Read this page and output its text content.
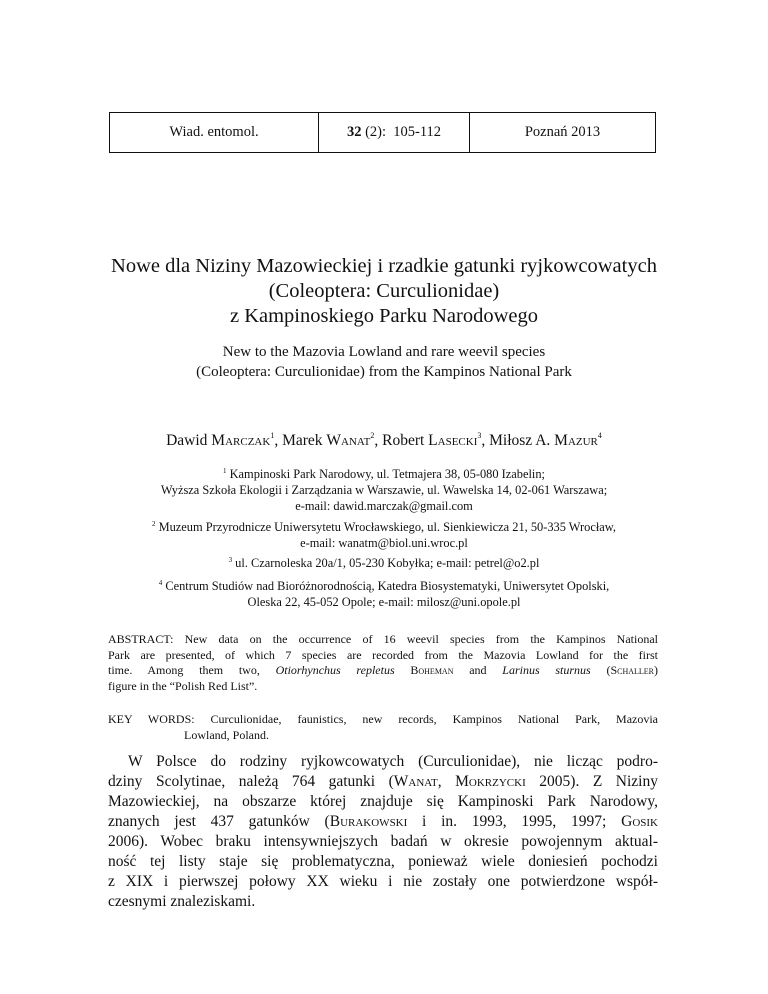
Wiad. entomol.	32 (2):  105-112	Poznań 2013
Nowe dla Niziny Mazowieckiej i rzadkie gatunki ryjkowcowatych
(Coleoptera: Curculionidae)
z Kampinoskiego Parku Narodowego
New to the Mazovia Lowland and rare weevil species
(Coleoptera: Curculionidae) from the Kampinos National Park
Dawid Marczak$^1$, Marek Wanat$^2$, Robert Lasecki$^3$, Miłosz A. Mazur$^4$
$^1$ Kampinoski Park Narodowy, ul. Tetmajera 38, 05-080 Izabelin;
Wyższa Szkoła Ekologii i Zarządzania w Warszawie, ul. Wawelska 14, 02-061 Warszawa;
e-mail: dawid.marczak@gmail.com
$^2$ Muzeum Przyrodnicze Uniwersytetu Wrocławskiego, ul. Sienkiewicza 21, 50-335 Wrocław,
e-mail: wanatm@biol.uni.wroc.pl
$^3$ ul. Czarnoleska 20a/1, 05-230 Kobyłka; e-mail: petrel@o2.pl
$^4$ Centrum Studiów nad Bioróżnorodnością, Katedra Biosystematyki, Uniwersytet Opolski,
Oleska 22, 45-052 Opole; e-mail: milosz@uni.opole.pl
ABSTRACT: New data on the occurrence of 16 weevil species from the Kampinos National
Park are presented, of which 7 species are recorded from the Mazovia Lowland for the first
time. Among them two, Otiorhynchus repletus Boheman and Larinus sturnus (Schaller)
figure in the “Polish Red List”.
KEY WORDS: Curculionidae, faunistics, new records, Kampinos National Park, Mazovia
Lowland, Poland.
W Polsce do rodziny ryjkowcowatych (Curculionidae), nie licząc podro-
dziny Scolytinae, należą 764 gatunki (Wanat, Mokrzycki 2005). Z Niziny
Mazowieckiej, na obszarze której znajduje się Kampinoski Park Narodowy,
znanych jest 437 gatunków (Burakowski i in. 1993, 1995, 1997; Gosik
2006). Wobec braku intensywniejszych badań w okresie powojennym aktual-
ność tej listy staje się problematyczna, ponieważ wiele doniesień pochodzi
z XIX i pierwszej połowy XX wieku i nie zostały one potwierdzone współ-
czesnymi znaleziskami.
